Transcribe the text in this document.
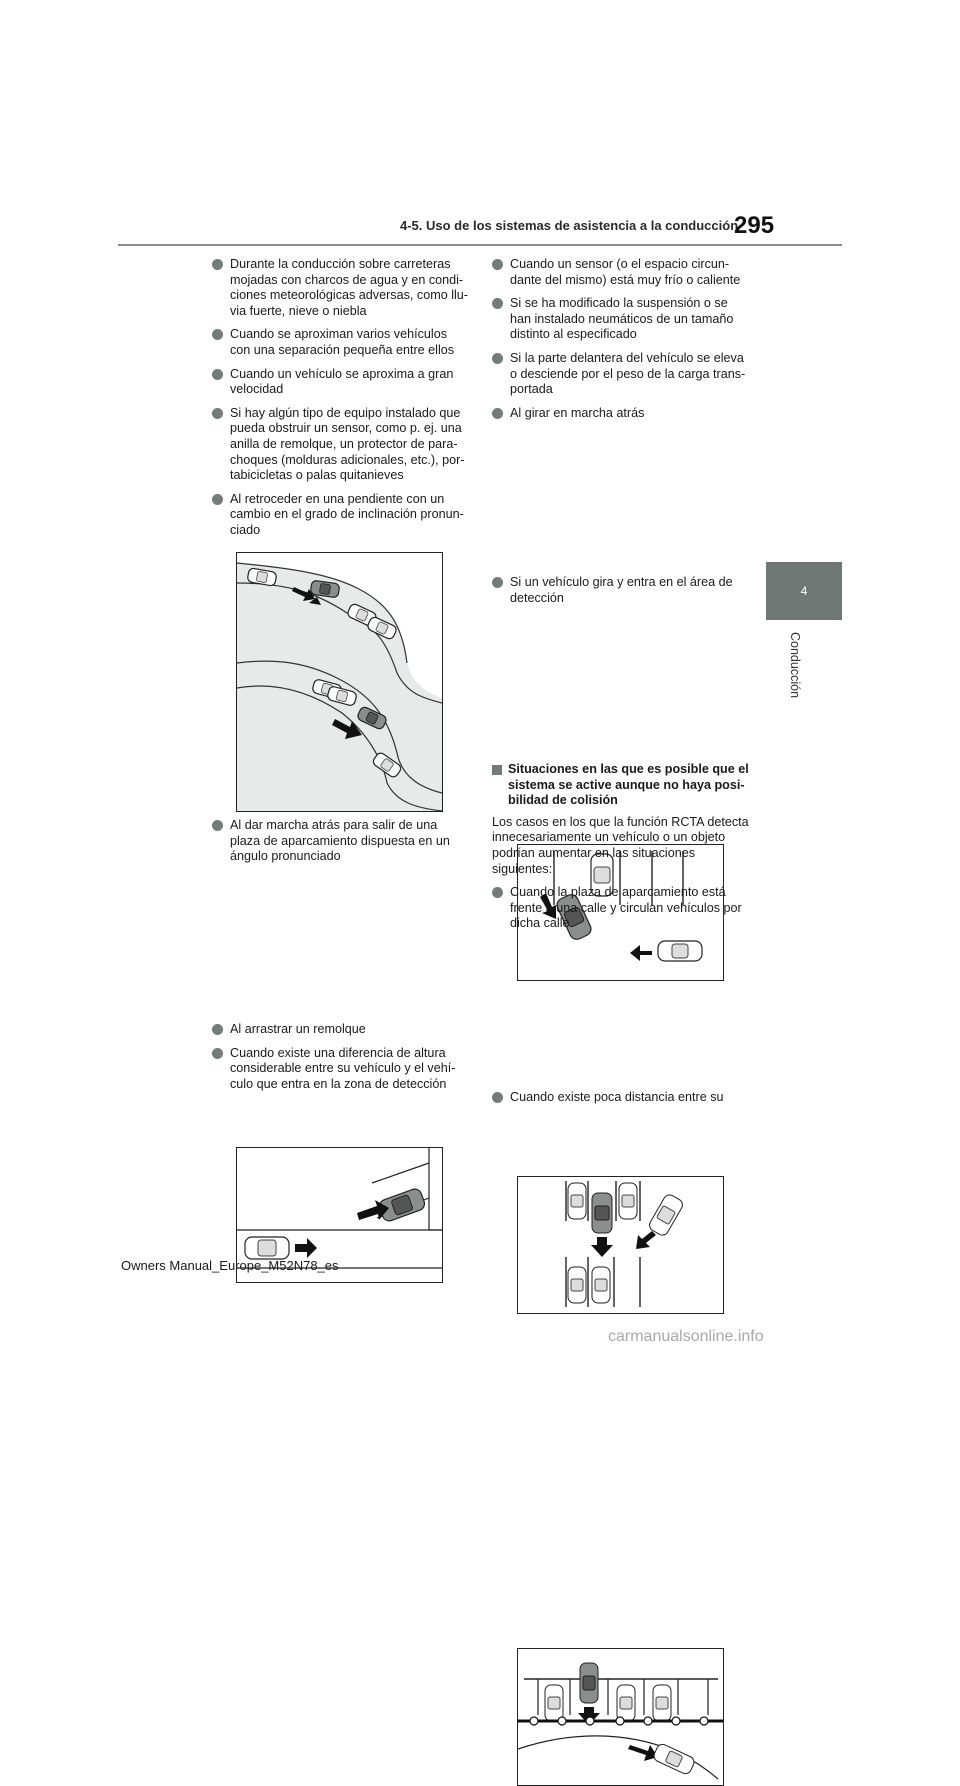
4-5. Uso de los sistemas de asistencia a la conducción
295
4
Conducción
Durante la conducción sobre carreteras mojadas con charcos de agua y en condi-ciones meteorológicas adversas, como llu-via fuerte, nieve o niebla
Cuando se aproximan varios vehículos con una separación pequeña entre ellos
Cuando un vehículo se aproxima a gran velocidad
Si hay algún tipo de equipo instalado que pueda obstruir un sensor, como p. ej. una anilla de remolque, un protector de para-choques (molduras adicionales, etc.), por-tabicicletas o palas quitanieves
Al retroceder en una pendiente con un cambio en el grado de inclinación pronun-ciado
Al dar marcha atrás para salir de una plaza de aparcamiento dispuesta en un ángulo pronunciado
Al arrastrar un remolque
Cuando existe una diferencia de altura considerable entre su vehículo y el vehí-culo que entra en la zona de detección
Cuando un sensor (o el espacio circun-dante del mismo) está muy frío o caliente
Si se ha modificado la suspensión o se han instalado neumáticos de un tamaño distinto al especificado
Si la parte delantera del vehículo se eleva o desciende por el peso de la carga trans-portada
Al girar en marcha atrás
Si un vehículo gira y entra en el área de detección
Situaciones en las que es posible que el sistema se active aunque no haya posi-bilidad de colisión
Los casos en los que la función RCTA detecta innecesariamente un vehículo o un objeto podrían aumentar en las situaciones siguientes:
Cuando la plaza de aparcamiento está frente a una calle y circulan vehículos por dicha calle
Cuando existe poca distancia entre su
Owners Manual_Europe_M52N78_es
carmanualsonline.info
